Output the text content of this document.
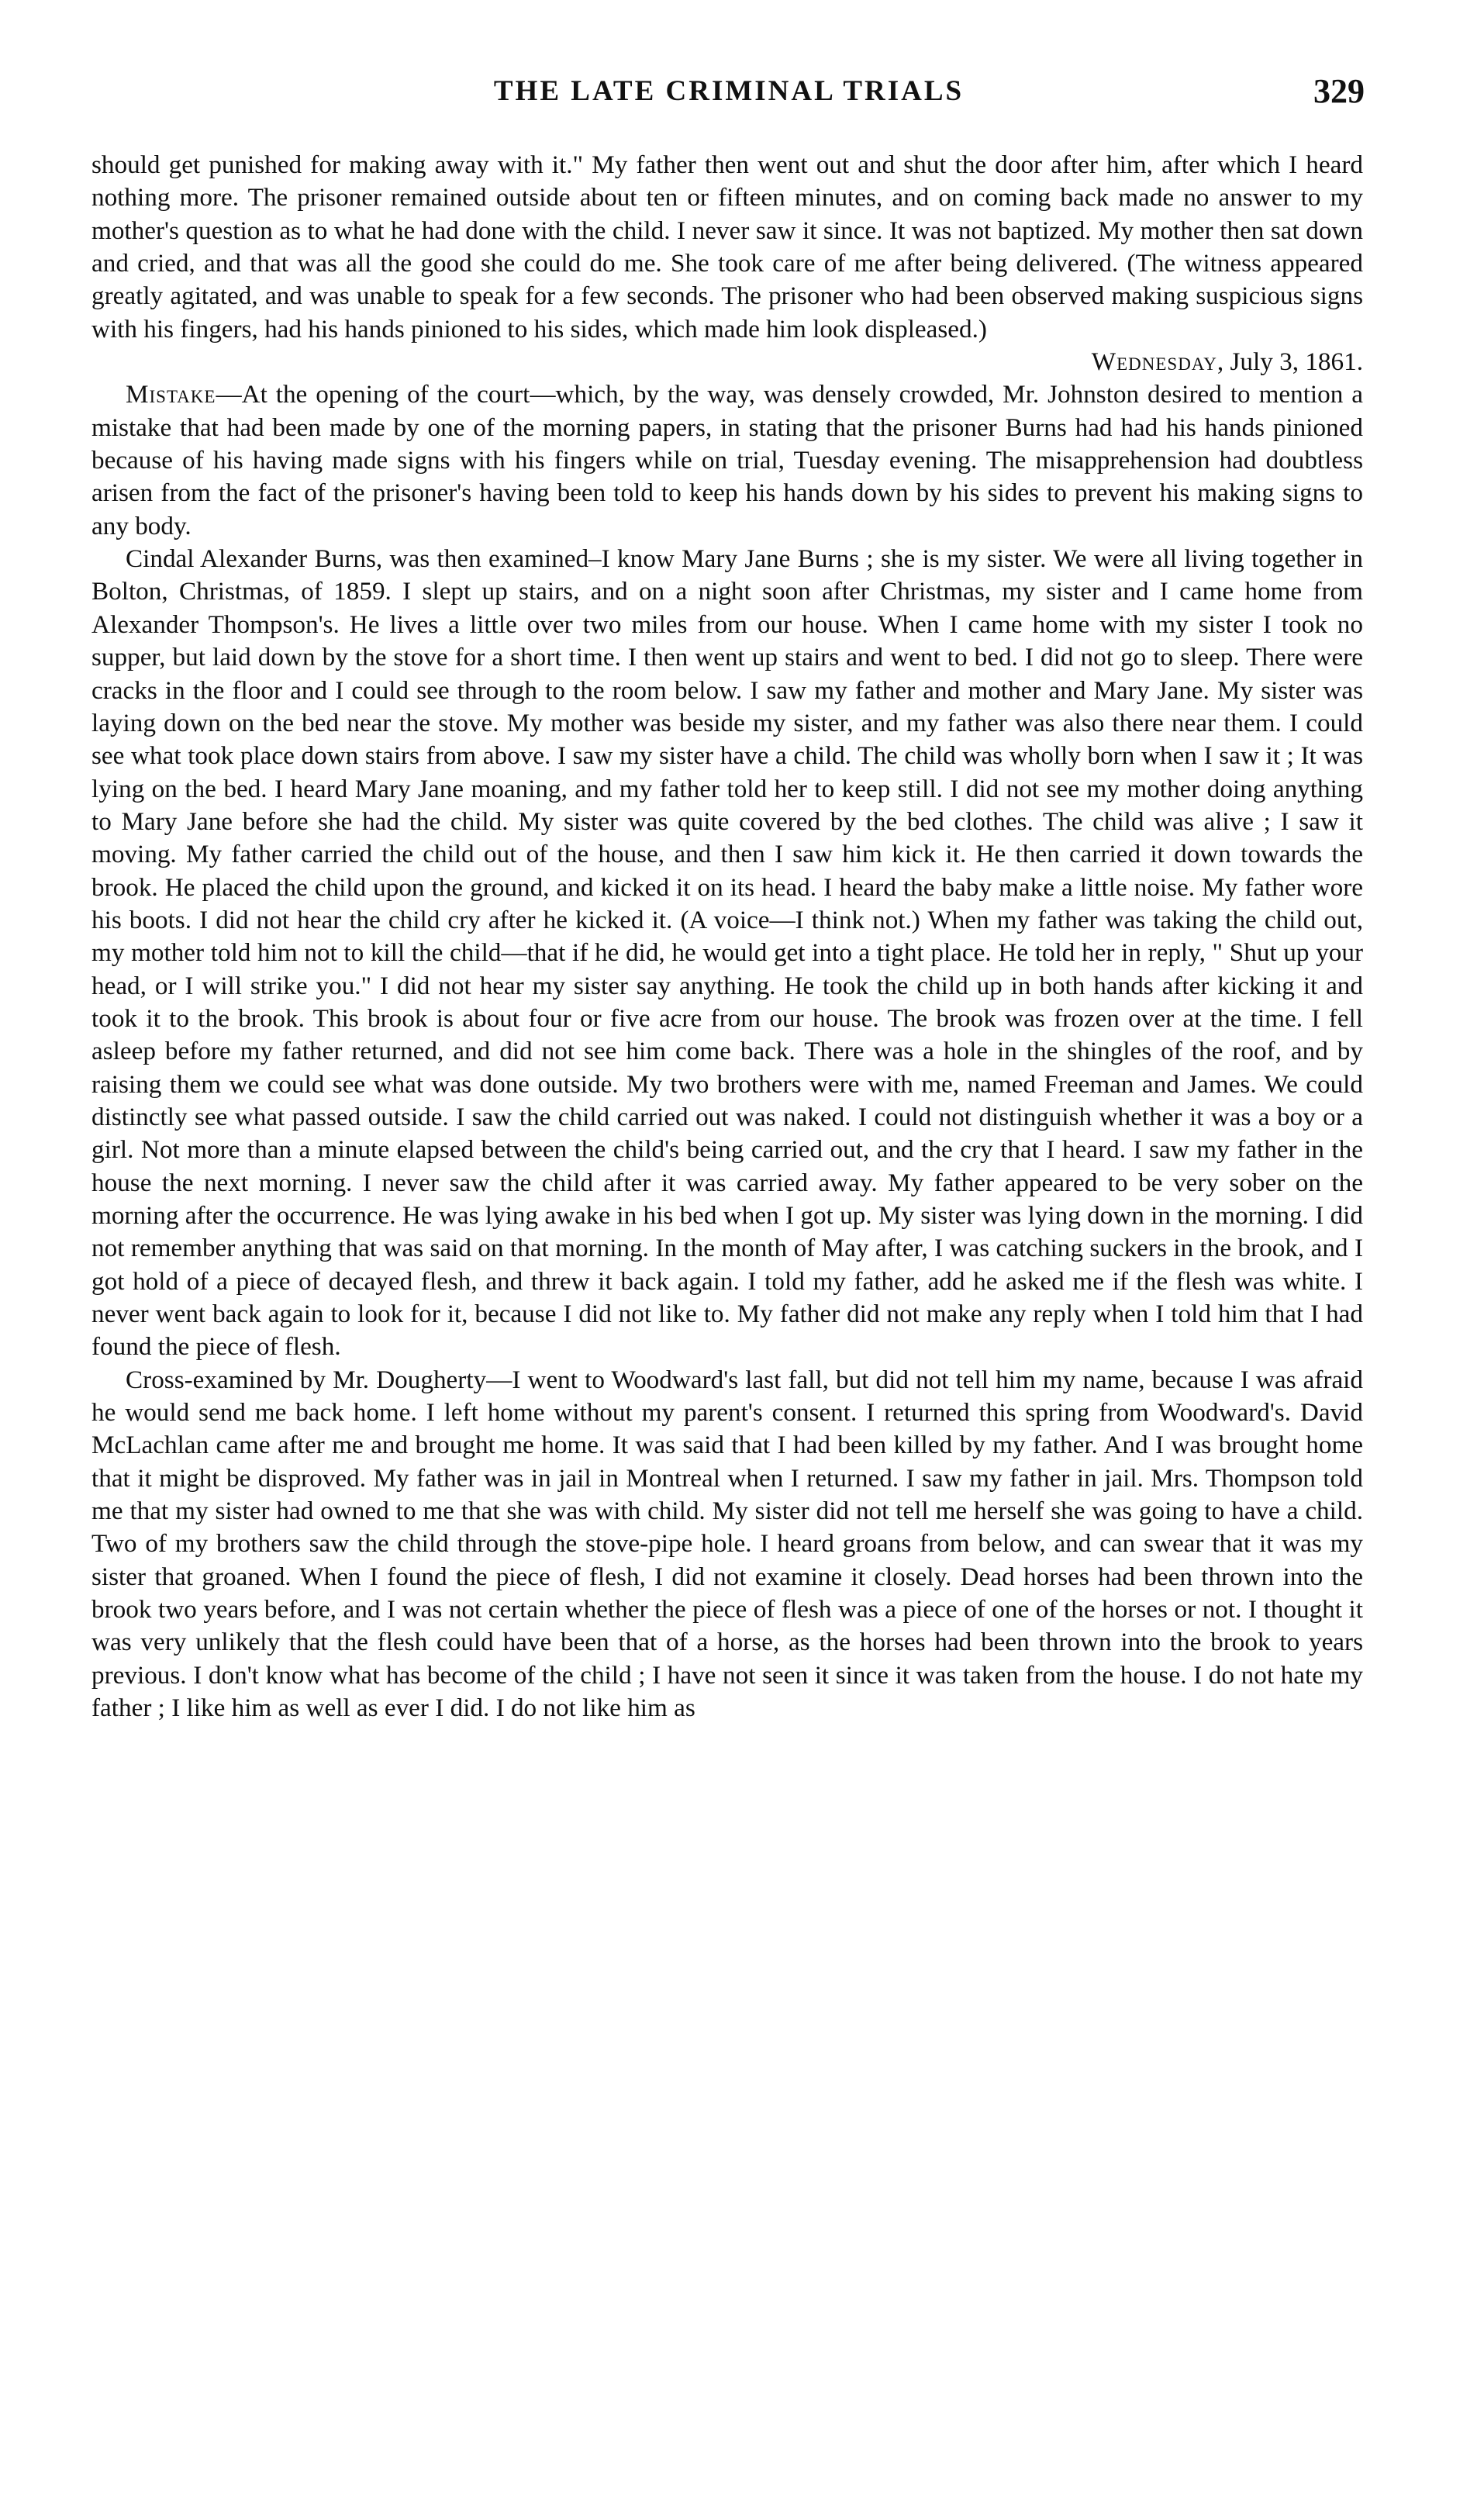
THE LATE CRIMINAL TRIALS	329

should get punished for making away with it." My father then went out and shut the door after him, after which I heard nothing more. The prisoner remained outside about ten or fifteen minutes, and on coming back made no answer to my mother's question as to what he had done with the child. I never saw it since. It was not baptized. My mother then sat down and cried, and that was all the good she could do me. She took care of me after being delivered. (The witness appeared greatly agitated, and was unable to speak for a few seconds. The prisoner who had been observed making suspicious signs with his fingers, had his hands pinioned to his sides, which made him look displeased.)

Wednesday, July 3, 1861.

Mistake—At the opening of the court—which, by the way, was densely crowded, Mr. Johnston desired to mention a mistake that had been made by one of the morning papers, in stating that the prisoner Burns had had his hands pinioned because of his having made signs with his fingers while on trial, Tuesday evening. The misapprehension had doubtless arisen from the fact of the prisoner's having been told to keep his hands down by his sides to prevent his making signs to any body.

Cindal Alexander Burns, was then examined–I know Mary Jane Burns ; she is my sister. We were all living together in Bolton, Christmas, of 1859. I slept up stairs, and on a night soon after Christmas, my sister and I came home from Alexander Thompson's. He lives a little over two miles from our house. When I came home with my sister I took no supper, but laid down by the stove for a short time. I then went up stairs and went to bed. I did not go to sleep. There were cracks in the floor and I could see through to the room below. I saw my father and mother and Mary Jane. My sister was laying down on the bed near the stove. My mother was beside my sister, and my father was also there near them. I could see what took place down stairs from above. I saw my sister have a child. The child was wholly born when I saw it ; It was lying on the bed. I heard Mary Jane moaning, and my father told her to keep still. I did not see my mother doing anything to Mary Jane before she had the child. My sister was quite covered by the bed clothes. The child was alive ; I saw it moving. My father carried the child out of the house, and then I saw him kick it. He then carried it down towards the brook. He placed the child upon the ground, and kicked it on its head. I heard the baby make a little noise. My father wore his boots. I did not hear the child cry after he kicked it. (A voice—I think not.) When my father was taking the child out, my mother told him not to kill the child—that if he did, he would get into a tight place. He told her in reply, " Shut up your head, or I will strike you." I did not hear my sister say anything. He took the child up in both hands after kicking it and took it to the brook. This brook is about four or five acre from our house. The brook was frozen over at the time. I fell asleep before my father returned, and did not see him come back. There was a hole in the shingles of the roof, and by raising them we could see what was done outside. My two brothers were with me, named Freeman and James. We could distinctly see what passed outside. I saw the child carried out was naked. I could not distinguish whether it was a boy or a girl. Not more than a minute elapsed between the child's being carried out, and the cry that I heard. I saw my father in the house the next morning. I never saw the child after it was carried away. My father appeared to be very sober on the morning after the occurrence. He was lying awake in his bed when I got up. My sister was lying down in the morning. I did not remember anything that was said on that morning. In the month of May after, I was catching suckers in the brook, and I got hold of a piece of decayed flesh, and threw it back again. I told my father, add he asked me if the flesh was white. I never went back again to look for it, because I did not like to. My father did not make any reply when I told him that I had found the piece of flesh.

Cross-examined by Mr. Dougherty—I went to Woodward's last fall, but did not tell him my name, because I was afraid he would send me back home. I left home without my parent's consent. I returned this spring from Woodward's. David McLachlan came after me and brought me home. It was said that I had been killed by my father. And I was brought home that it might be disproved. My father was in jail in Montreal when I returned. I saw my father in jail. Mrs. Thompson told me that my sister had owned to me that she was with child. My sister did not tell me herself she was going to have a child. Two of my brothers saw the child through the stove-pipe hole. I heard groans from below, and can swear that it was my sister that groaned. When I found the piece of flesh, I did not examine it closely. Dead horses had been thrown into the brook two years before, and I was not certain whether the piece of flesh was a piece of one of the horses or not. I thought it was very unlikely that the flesh could have been that of a horse, as the horses had been thrown into the brook to years previous. I don't know what has become of the child ; I have not seen it since it was taken from the house. I do not hate my father ; I like him as well as ever I did. I do not like him as
